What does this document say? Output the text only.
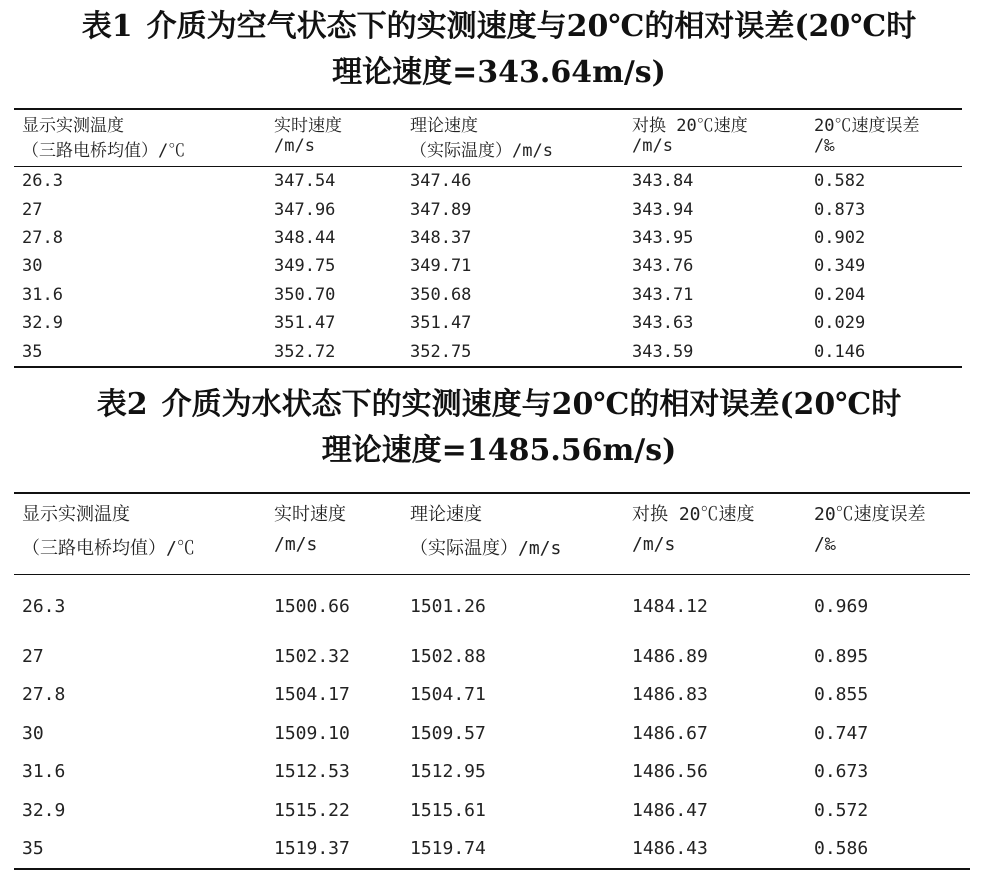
表1 介质为空气状态下的实测速度与20℃的相对误差(20℃时
理论速度=343.64m/s)
显示实测温度	实时速度	理论速度	对换 20℃速度	20℃速度误差
（三路电桥均值）/℃	/m/s	（实际温度）/m/s	/m/s	/‰
26.3	347.54	347.46	343.84	0.582
27	347.96	347.89	343.94	0.873
27.8	348.44	348.37	343.95	0.902
30	349.75	349.71	343.76	0.349
31.6	350.70	350.68	343.71	0.204
32.9	351.47	351.47	343.63	0.029
35	352.72	352.75	343.59	0.146
表2 介质为水状态下的实测速度与20℃的相对误差(20℃时
理论速度=1485.56m/s)
显示实测温度	实时速度	理论速度	对换 20℃速度	20℃速度误差
（三路电桥均值）/℃	/m/s	（实际温度）/m/s	/m/s	/‰
26.3	1500.66	1501.26	1484.12	0.969
27	1502.32	1502.88	1486.89	0.895
27.8	1504.17	1504.71	1486.83	0.855
30	1509.10	1509.57	1486.67	0.747
31.6	1512.53	1512.95	1486.56	0.673
32.9	1515.22	1515.61	1486.47	0.572
35	1519.37	1519.74	1486.43	0.586
